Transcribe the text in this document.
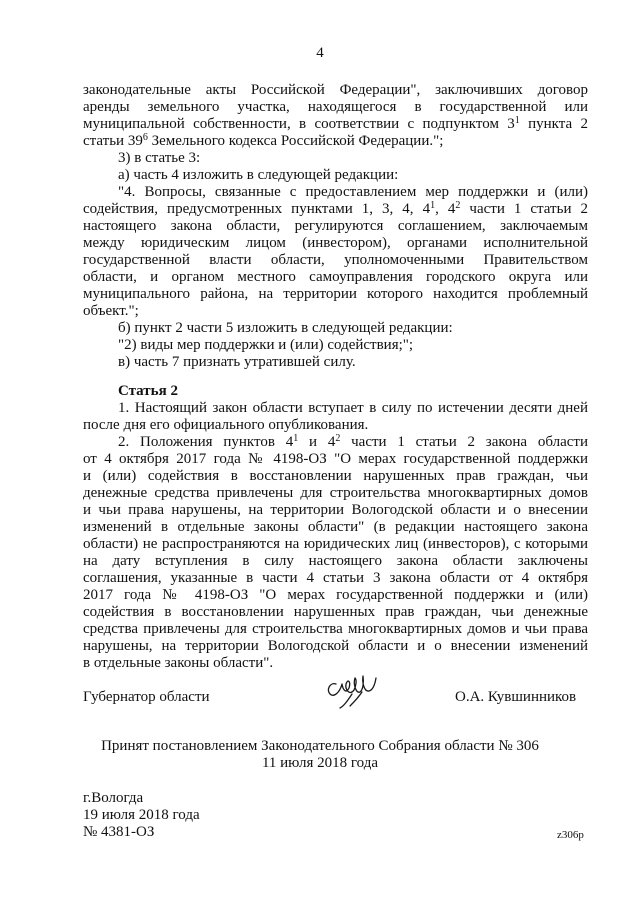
4
законодательные акты Российской Федерации", заключивших договор
аренды земельного участка, находящегося в государственной или
муниципальной собственности, в соответствии с подпунктом $3^1$ пункта 2
статьи $39^6$ Земельного кодекса Российской Федерации.";
3) в статье 3:
а) часть 4 изложить в следующей редакции:
"4. Вопросы, связанные с предоставлением мер поддержки и (или)
содействия, предусмотренных пунктами 1, 3, 4, $4^1$, $4^2$ части 1 статьи 2
настоящего закона области, регулируются соглашением, заключаемым
между юридическим лицом (инвестором), органами исполнительной
государственной власти области, уполномоченными Правительством
области, и органом местного самоуправления городского округа или
муниципального района, на территории которого находится проблемный
объект.";
б) пункт 2 части 5 изложить в следующей редакции:
"2) виды мер поддержки и (или) содействия;";
в) часть 7 признать утратившей силу.
Статья 2
1. Настоящий закон области вступает в силу по истечении десяти дней
после дня его официального опубликования.
2. Положения пунктов $4^1$ и $4^2$ части 1 статьи 2 закона области
от 4 октября 2017 года № 4198-ОЗ "О мерах государственной поддержки
и (или) содействия в восстановлении нарушенных прав граждан, чьи
денежные средства привлечены для строительства многоквартирных домов
и чьи права нарушены, на территории Вологодской области и о внесении
изменений в отдельные законы области" (в редакции настоящего закона
области) не распространяются на юридических лиц (инвесторов), с которыми
на дату вступления в силу настоящего закона области заключены
соглашения, указанные в части 4 статьи 3 закона области от 4 октября
2017 года № 4198-ОЗ "О мерах государственной поддержки и (или)
содействия в восстановлении нарушенных прав граждан, чьи денежные
средства привлечены для строительства многоквартирных домов и чьи права
нарушены, на территории Вологодской области и о внесении изменений
в отдельные законы области".
Губернатор области	О.А. Кувшинников
Принят постановлением Законодательного Собрания области № 306
11 июля 2018 года
г.Вологда
19 июля 2018 года
№ 4381-ОЗ	z306p
